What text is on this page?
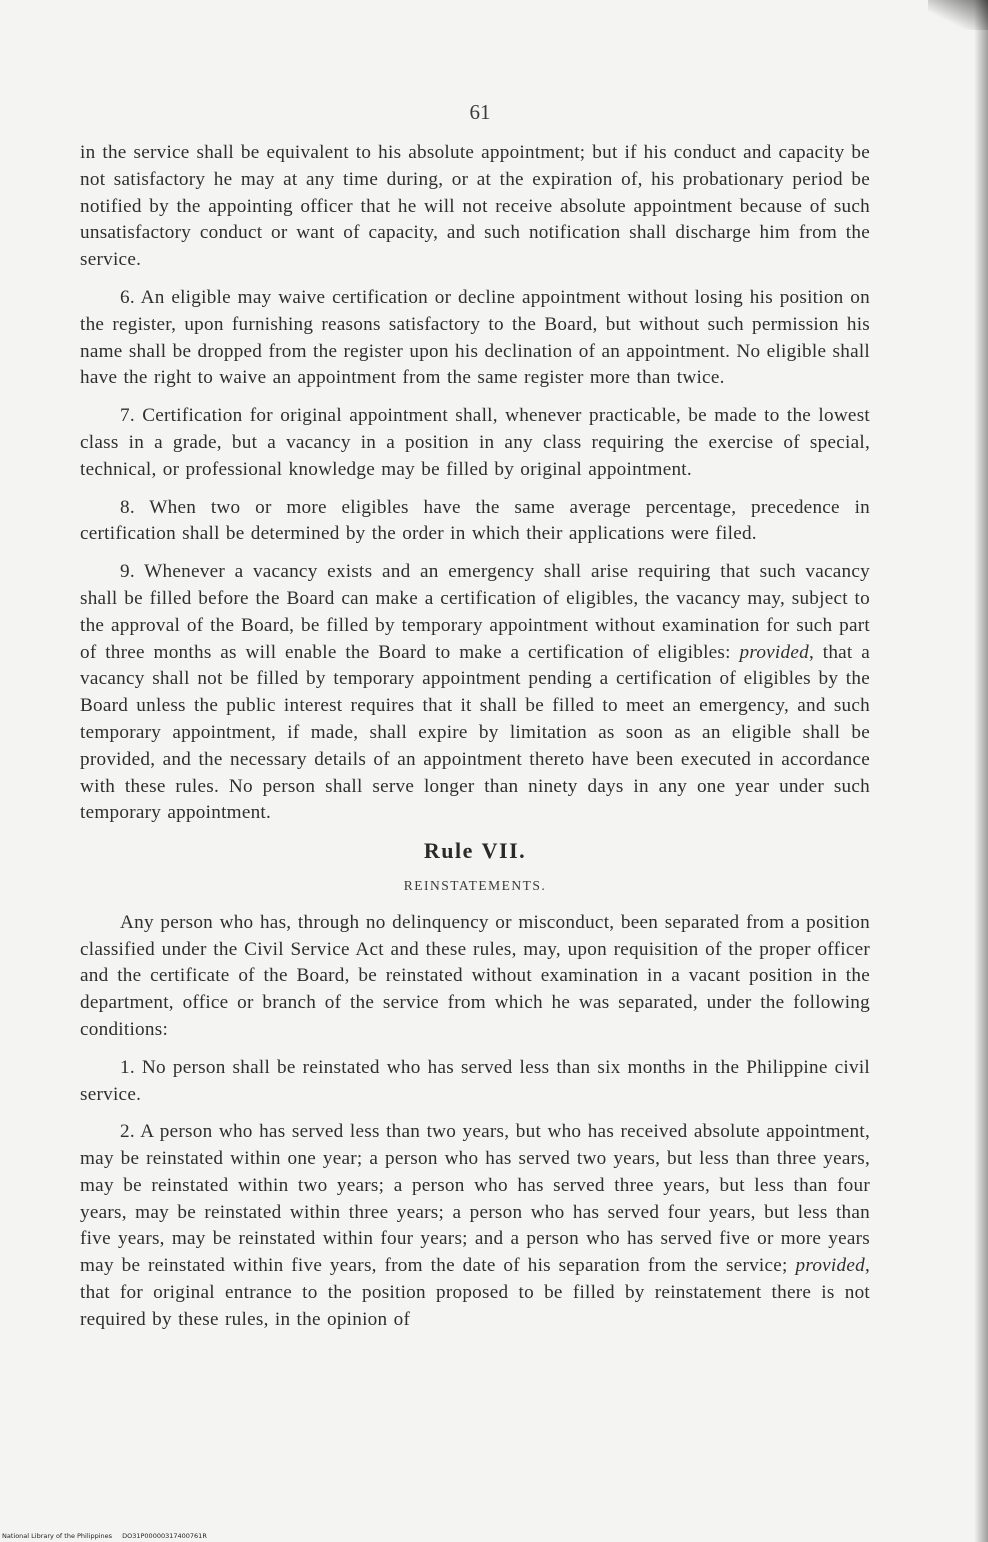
61

in the service shall be equivalent to his absolute appointment; but if his conduct and capacity be not satisfactory he may at any time during, or at the expiration of, his probationary period be notified by the appointing officer that he will not receive absolute appointment because of such unsatisfactory conduct or want of capacity, and such notification shall discharge him from the service.

6. An eligible may waive certification or decline appointment without losing his position on the register, upon furnishing reasons satisfactory to the Board, but without such permission his name shall be dropped from the register upon his declination of an appointment. No eligible shall have the right to waive an appointment from the same register more than twice.

7. Certification for original appointment shall, whenever practicable, be made to the lowest class in a grade, but a vacancy in a position in any class requiring the exercise of special, technical, or professional knowledge may be filled by original appointment.

8. When two or more eligibles have the same average percentage, precedence in certification shall be determined by the order in which their applications were filed.

9. Whenever a vacancy exists and an emergency shall arise requiring that such vacancy shall be filled before the Board can make a certification of eligibles, the vacancy may, subject to the approval of the Board, be filled by temporary appointment without examination for such part of three months as will enable the Board to make a certification of eligibles: provided, that a vacancy shall not be filled by temporary appointment pending a certification of eligibles by the Board unless the public interest requires that it shall be filled to meet an emergency, and such temporary appointment, if made, shall expire by limitation as soon as an eligible shall be provided, and the necessary details of an appointment thereto have been executed in accordance with these rules. No person shall serve longer than ninety days in any one year under such temporary appointment.

Rule VII.
REINSTATEMENTS.

Any person who has, through no delinquency or misconduct, been separated from a position classified under the Civil Service Act and these rules, may, upon requisition of the proper officer and the certificate of the Board, be reinstated without examination in a vacant position in the department, office or branch of the service from which he was separated, under the following conditions:

1. No person shall be reinstated who has served less than six months in the Philippine civil service.

2. A person who has served less than two years, but who has received absolute appointment, may be reinstated within one year; a person who has served two years, but less than three years, may be reinstated within two years; a person who has served three years, but less than four years, may be reinstated within three years; a person who has served four years, but less than five years, may be reinstated within four years; and a person who has served five or more years may be reinstated within five years, from the date of his separation from the service; provided, that for original entrance to the position proposed to be filled by reinstatement there is not required by these rules, in the opinion of

National Library of the Philippines DO31P00000317400761R
